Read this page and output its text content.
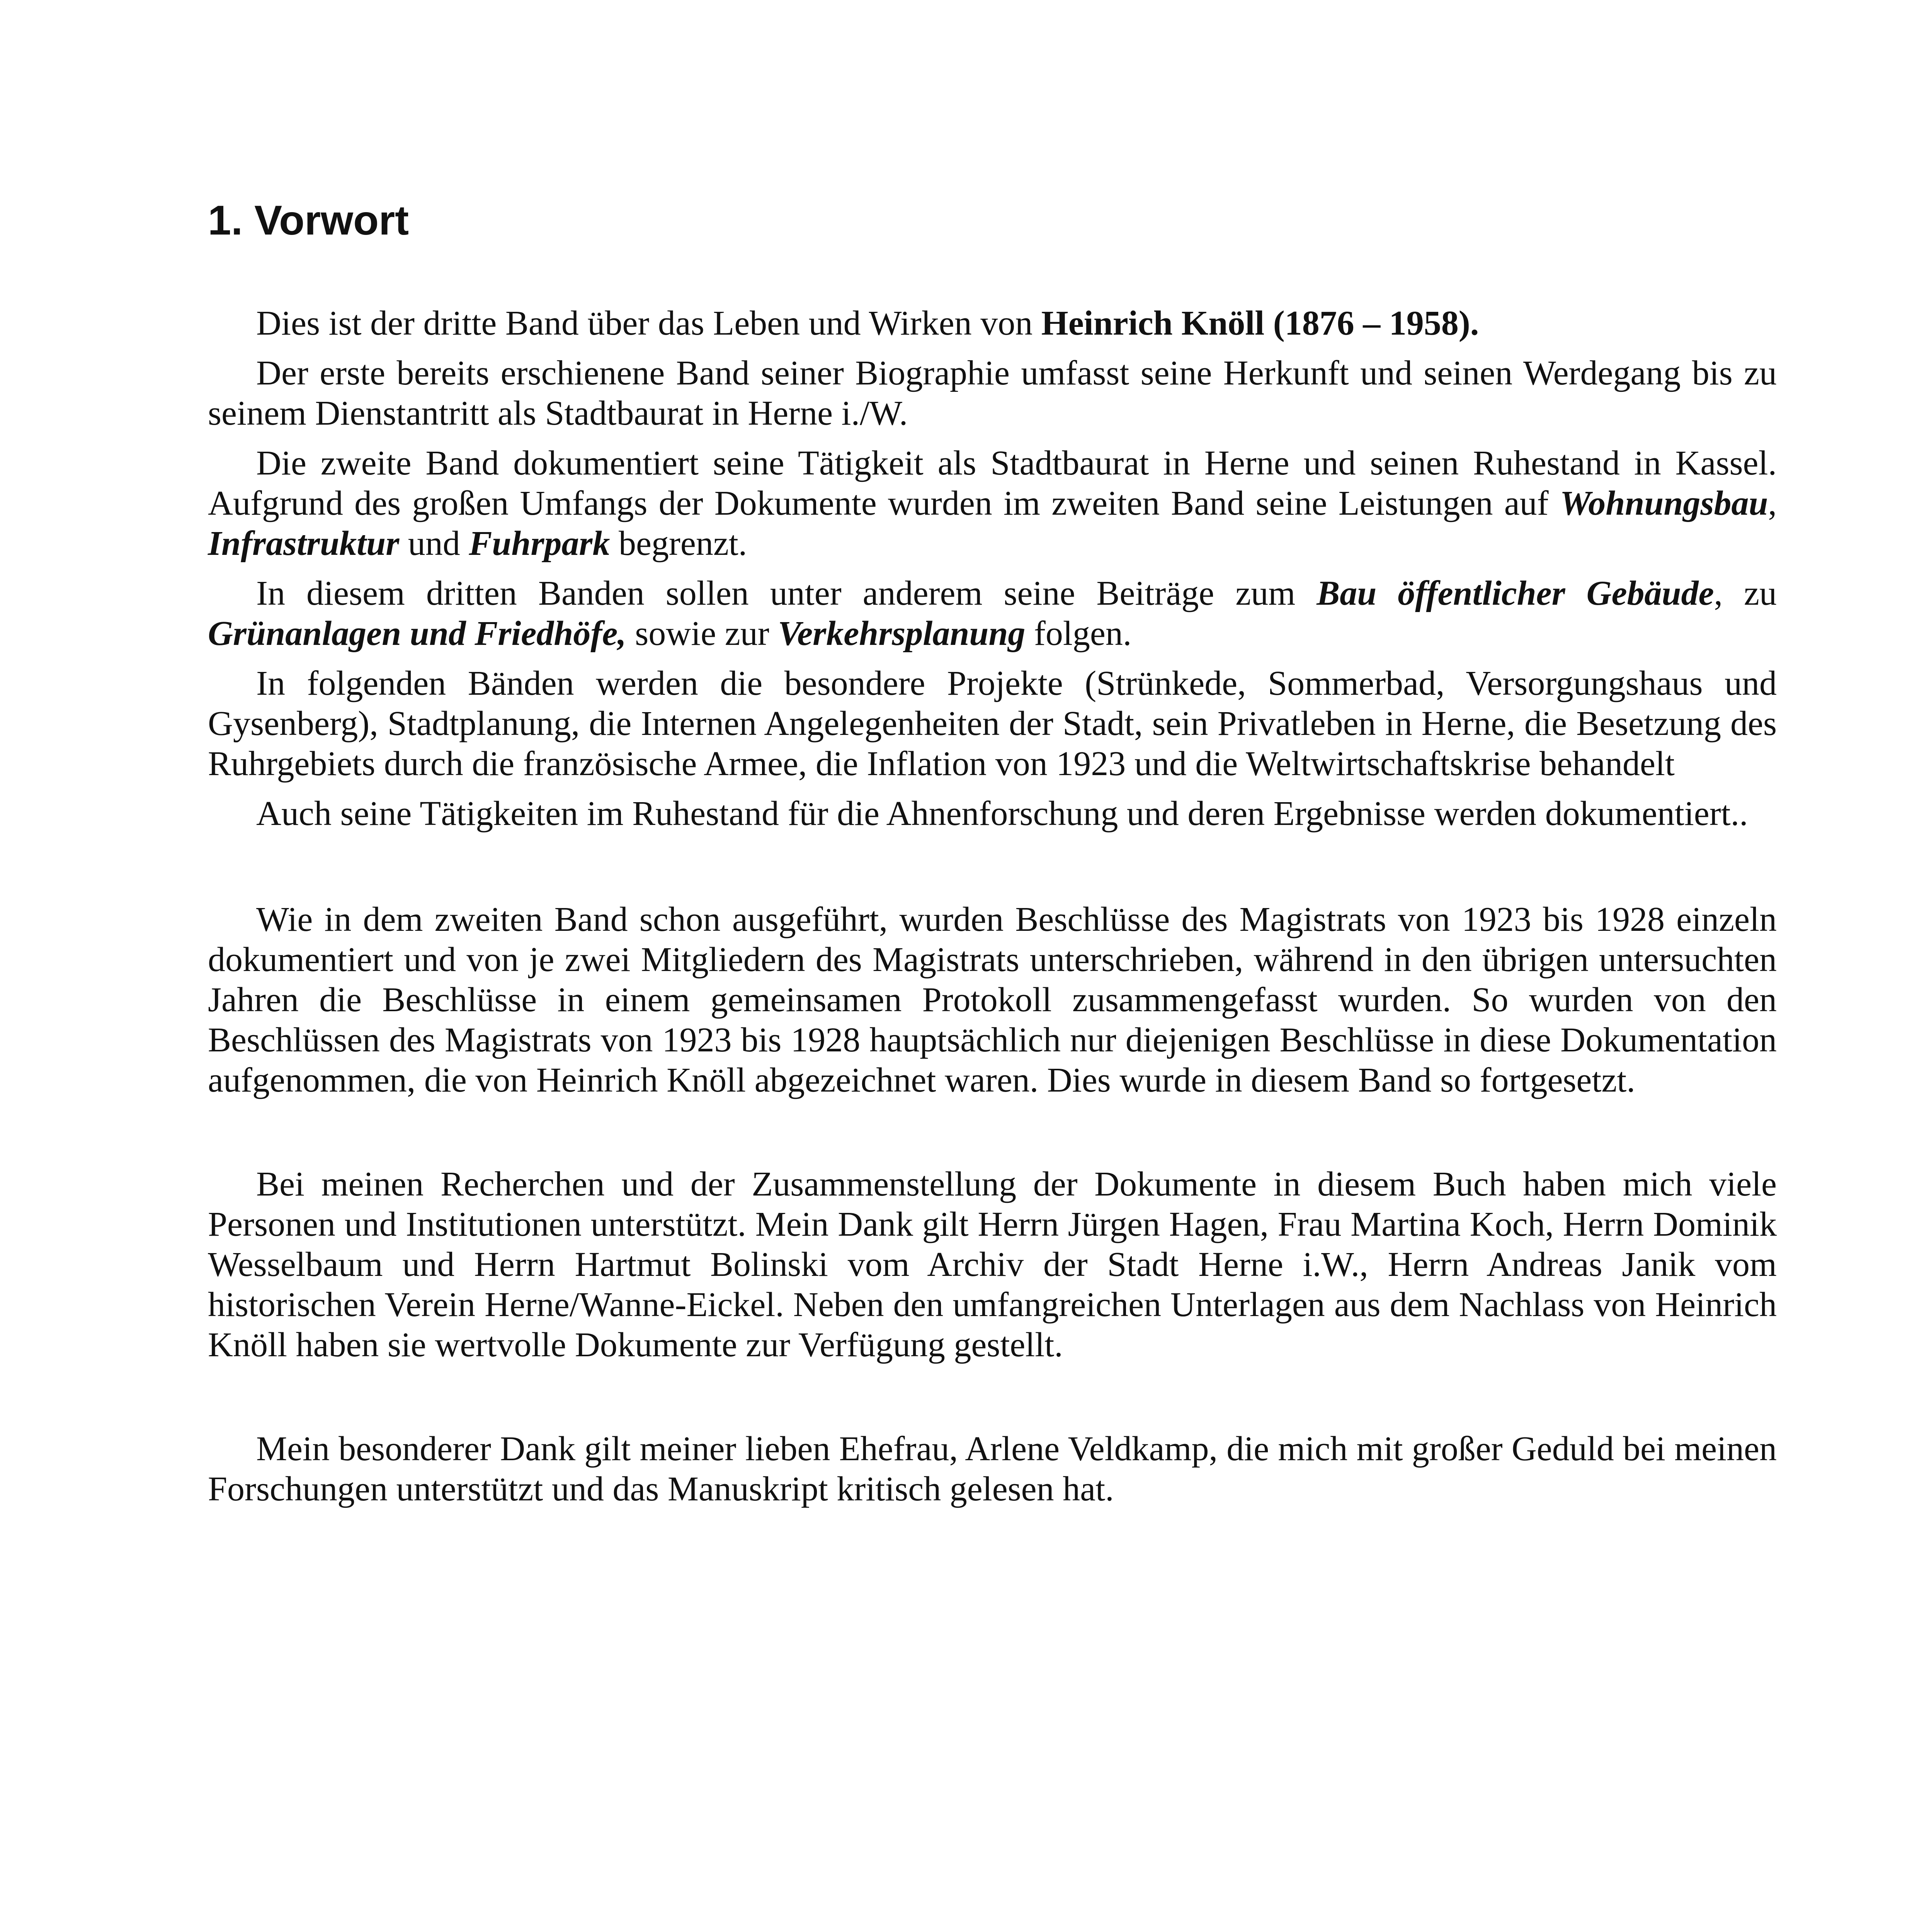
1. Vorwort

Dies ist der dritte Band über das Leben und Wirken von Heinrich Knöll (1876 – 1958).

Der erste bereits erschienene Band seiner Biographie umfasst seine Herkunft und seinen Werdegang bis zu seinem Dienstantritt als Stadtbaurat in Herne i./W.

Die zweite Band dokumentiert seine Tätigkeit als Stadtbaurat in Herne und seinen Ruhestand in Kassel. Aufgrund des großen Umfangs der Dokumente wurden im zweiten Band seine Leistungen auf Wohnungsbau, Infrastruktur und Fuhrpark begrenzt.

In diesem dritten Banden sollen unter anderem seine Beiträge zum Bau öffentlicher Gebäude, zu Grünanlagen und Friedhöfe, sowie zur Verkehrsplanung folgen.

In folgenden Bänden werden die besondere Projekte (Strünkede, Sommerbad, Versorgungshaus und Gysenberg), Stadtplanung, die Internen Angelegenheiten der Stadt, sein Privatleben in Herne, die Besetzung des Ruhrgebiets durch die französische Armee, die Inflation von 1923 und die Weltwirtschaftskrise behandelt

Auch seine Tätigkeiten im Ruhestand für die Ahnenforschung und deren Ergebnisse werden dokumentiert..

Wie in dem zweiten Band schon ausgeführt, wurden Beschlüsse des Magistrats von 1923 bis 1928 einzeln dokumentiert und von je zwei Mitgliedern des Magistrats unterschrieben, während in den übrigen untersuchten Jahren die Beschlüsse in einem gemeinsamen Protokoll zusammengefasst wurden. So wurden von den Beschlüssen des Magistrats von 1923 bis 1928 hauptsächlich nur diejenigen Beschlüsse in diese Dokumentation aufgenommen, die von Heinrich Knöll abgezeichnet waren. Dies wurde in diesem Band so fortgesetzt.

Bei meinen Recherchen und der Zusammenstellung der Dokumente in diesem Buch haben mich viele Personen und Institutionen unterstützt. Mein Dank gilt Herrn Jürgen Hagen, Frau Martina Koch, Herrn Dominik Wesselbaum und Herrn Hartmut Bolinski vom Archiv der Stadt Herne i.W., Herrn Andreas Janik vom historischen Verein Herne/Wanne-Eickel. Neben den umfangreichen Unterlagen aus dem Nachlass von Heinrich Knöll haben sie wertvolle Dokumente zur Verfügung gestellt.

Mein besonderer Dank gilt meiner lieben Ehefrau, Arlene Veldkamp, die mich mit großer Geduld bei meinen Forschungen unterstützt und das Manuskript kritisch gelesen hat.
